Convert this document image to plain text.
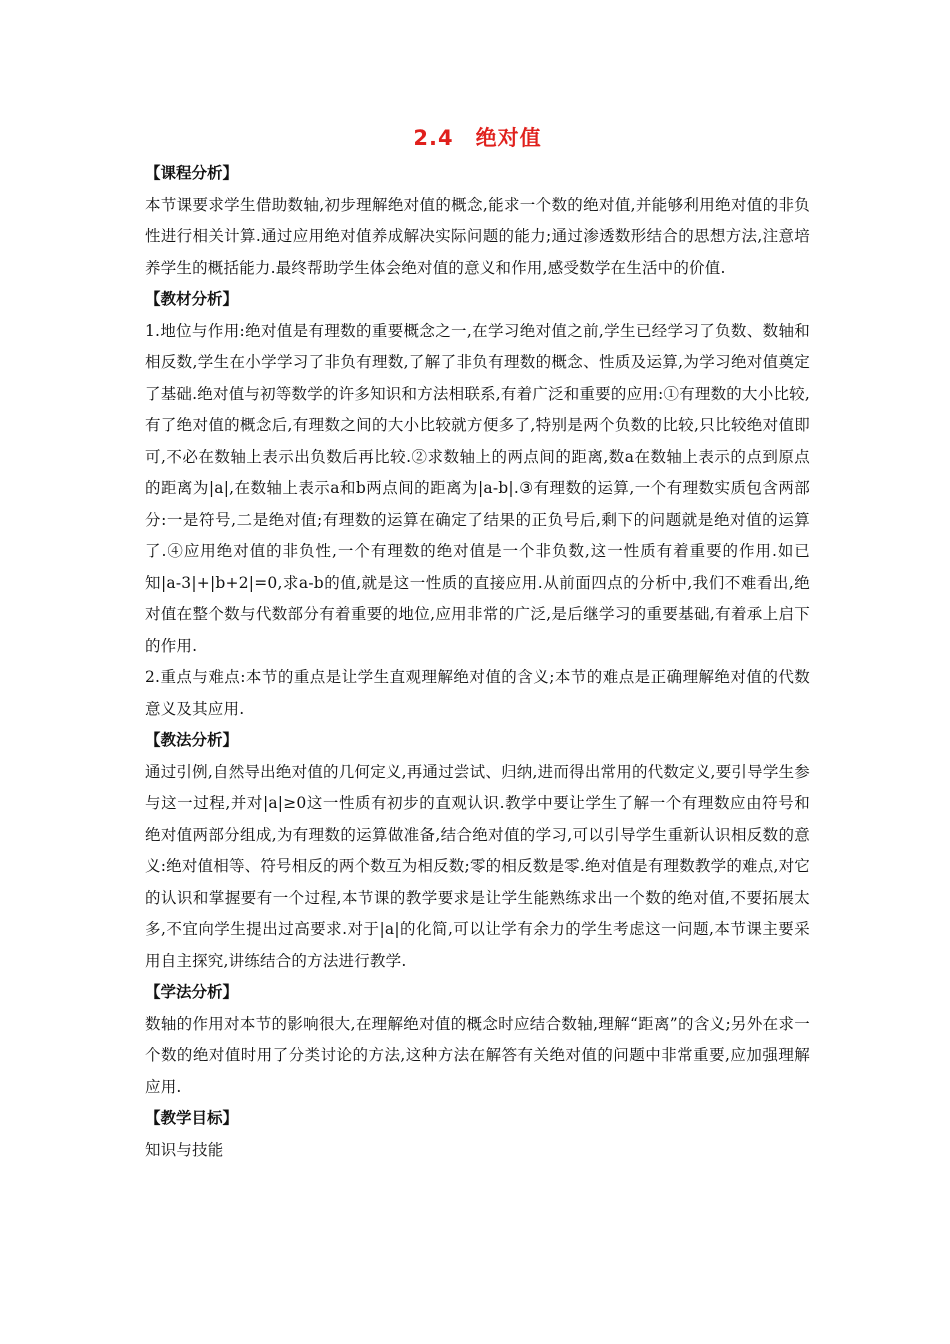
2.4　绝对值
【课程分析】
本节课要求学生借助数轴,初步理解绝对值的概念,能求一个数的绝对值,并能够利用绝对值的非负性进行相关计算.通过应用绝对值养成解决实际问题的能力;通过渗透数形结合的思想方法,注意培养学生的概括能力.最终帮助学生体会绝对值的意义和作用,感受数学在生活中的价值.
【教材分析】
1.地位与作用:绝对值是有理数的重要概念之一,在学习绝对值之前,学生已经学习了负数、数轴和相反数,学生在小学学习了非负有理数,了解了非负有理数的概念、性质及运算,为学习绝对值奠定了基础.绝对值与初等数学的许多知识和方法相联系,有着广泛和重要的应用:①有理数的大小比较,有了绝对值的概念后,有理数之间的大小比较就方便多了,特别是两个负数的比较,只比较绝对值即可,不必在数轴上表示出负数后再比较.②求数轴上的两点间的距离,数a在数轴上表示的点到原点的距离为|a|,在数轴上表示a和b两点间的距离为|a-b|.③有理数的运算,一个有理数实质包含两部分:一是符号,二是绝对值;有理数的运算在确定了结果的正负号后,剩下的问题就是绝对值的运算了.④应用绝对值的非负性,一个有理数的绝对值是一个非负数,这一性质有着重要的作用.如已知|a-3|+|b+2|=0,求a-b的值,就是这一性质的直接应用.从前面四点的分析中,我们不难看出,绝对值在整个数与代数部分有着重要的地位,应用非常的广泛,是后继学习的重要基础,有着承上启下的作用.
2.重点与难点:本节的重点是让学生直观理解绝对值的含义;本节的难点是正确理解绝对值的代数意义及其应用.
【教法分析】
通过引例,自然导出绝对值的几何定义,再通过尝试、归纳,进而得出常用的代数定义,要引导学生参与这一过程,并对|a|≥0这一性质有初步的直观认识.教学中要让学生了解一个有理数应由符号和绝对值两部分组成,为有理数的运算做准备,结合绝对值的学习,可以引导学生重新认识相反数的意义:绝对值相等、符号相反的两个数互为相反数;零的相反数是零.绝对值是有理数教学的难点,对它的认识和掌握要有一个过程,本节课的教学要求是让学生能熟练求出一个数的绝对值,不要拓展太多,不宜向学生提出过高要求.对于|a|的化简,可以让学有余力的学生考虑这一问题,本节课主要采用自主探究,讲练结合的方法进行教学.
【学法分析】
数轴的作用对本节的影响很大,在理解绝对值的概念时应结合数轴,理解“距离”的含义;另外在求一个数的绝对值时用了分类讨论的方法,这种方法在解答有关绝对值的问题中非常重要,应加强理解应用.
【教学目标】
知识与技能
